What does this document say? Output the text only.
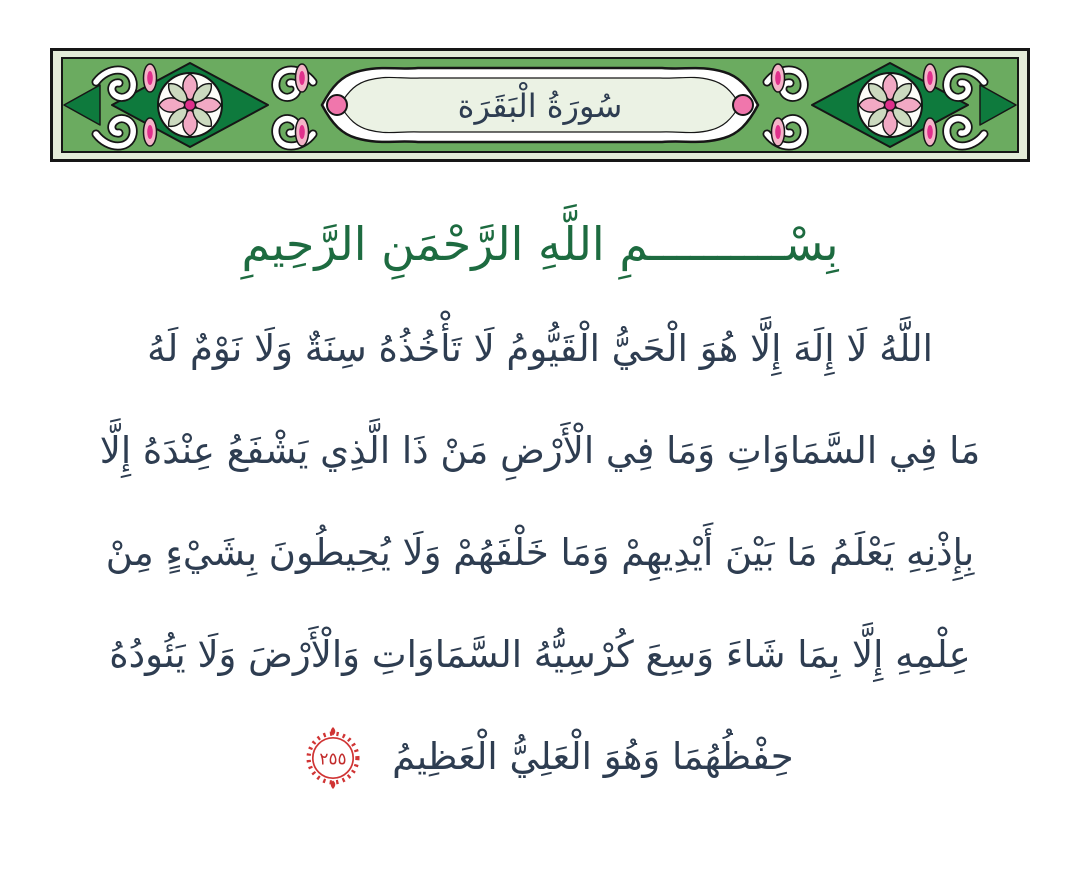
سُورَةُ الْبَقَرَة
بِسْــــــــــمِ اللَّهِ الرَّحْمَنِ الرَّحِيمِ
اللَّهُ لَا إِلَهَ إِلَّا هُوَ الْحَيُّ الْقَيُّومُ لَا تَأْخُذُهُ سِنَةٌ وَلَا نَوْمٌ لَهُ
مَا فِي السَّمَاوَاتِ وَمَا فِي الْأَرْضِ مَنْ ذَا الَّذِي يَشْفَعُ عِنْدَهُ إِلَّا
بِإِذْنِهِ يَعْلَمُ مَا بَيْنَ أَيْدِيهِمْ وَمَا خَلْفَهُمْ وَلَا يُحِيطُونَ بِشَيْءٍ مِنْ
عِلْمِهِ إِلَّا بِمَا شَاءَ وَسِعَ كُرْسِيُّهُ السَّمَاوَاتِ وَالْأَرْضَ وَلَا يَئُودُهُ
حِفْظُهُمَا وَهُوَ الْعَلِيُّ الْعَظِيمُ
٢٥٥
